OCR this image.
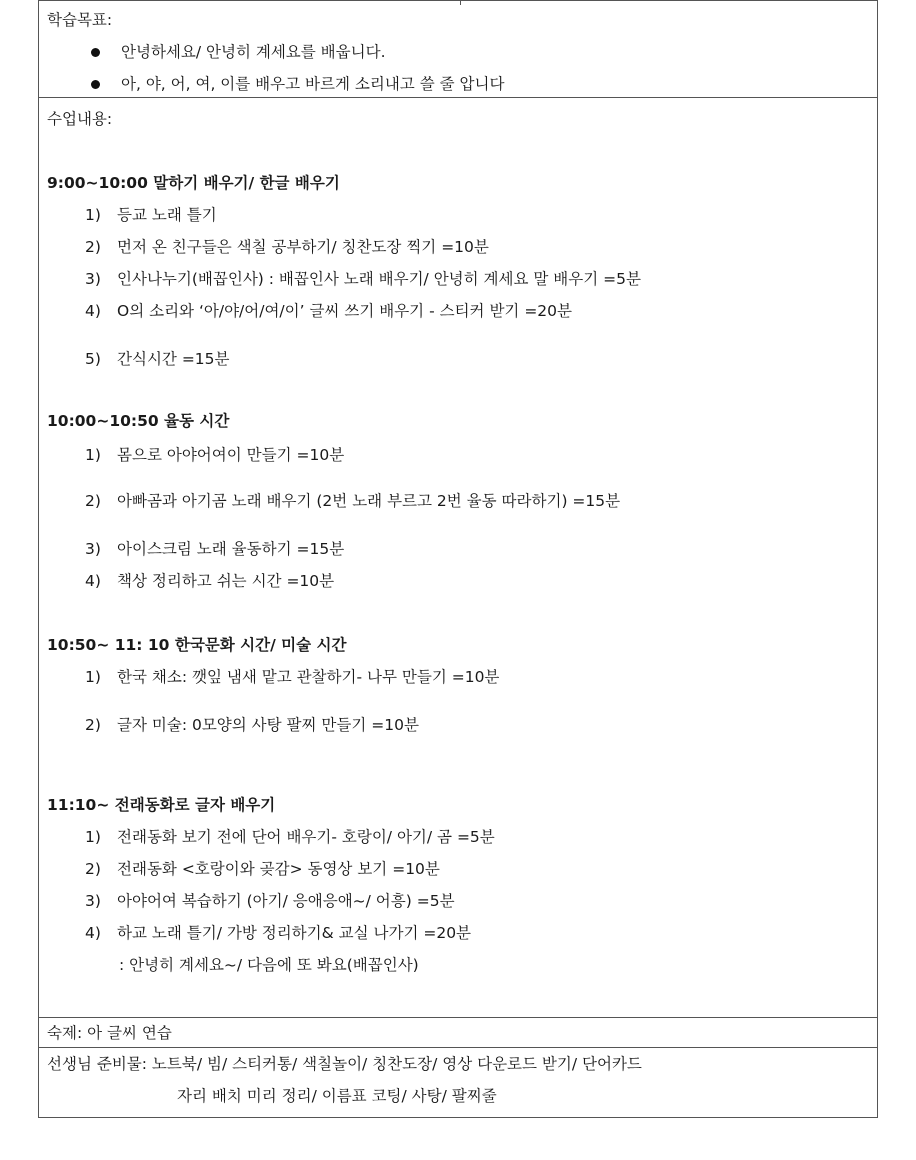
학습목표:
안녕하세요/ 안녕히 계세요를 배웁니다.
아, 야, 어, 여, 이를 배우고 바르게 소리내고 쓸 줄 압니다
수업내용:
9:00~10:00 말하기 배우기/ 한글 배우기
1) 등교 노래 틀기
2) 먼저 온 친구들은 색칠 공부하기/ 칭찬도장 찍기 =10분
3) 인사나누기(배꼽인사) : 배꼽인사 노래 배우기/ 안녕히 계세요 말 배우기 =5분
4) O의 소리와 ‘아/야/어/여/이’ 글씨 쓰기 배우기 - 스티커 받기 =20분
5) 간식시간 =15분
10:00~10:50 율동 시간
1) 몸으로 아야어여이 만들기 =10분
2) 아빠곰과 아기곰 노래 배우기 (2번 노래 부르고 2번 율동 따라하기) =15분
3) 아이스크림 노래 율동하기 =15분
4) 책상 정리하고 쉬는 시간 =10분
10:50~ 11: 10 한국문화 시간/ 미술 시간
1) 한국 채소: 깻잎 냄새 맡고 관찰하기- 나무 만들기 =10분
2) 글자 미술: 0모양의 사탕 팔찌 만들기 =10분
11:10~ 전래동화로 글자 배우기
1) 전래동화 보기 전에 단어 배우기- 호랑이/ 아기/ 곰 =5분
2) 전래동화 <호랑이와 곶감> 동영상 보기 =10분
3) 아야어여 복습하기 (아기/ 응애응애~/ 어흥) =5분
4) 하교 노래 틀기/ 가방 정리하기& 교실 나가기 =20분
: 안녕히 계세요~/ 다음에 또 봐요(배꼽인사)
숙제: 아 글씨 연습
선생님 준비물: 노트북/ 빔/ 스티커통/ 색칠놀이/ 칭찬도장/ 영상 다운로드 받기/ 단어카드
자리 배치 미리 정리/ 이름표 코팅/ 사탕/ 팔찌줄
